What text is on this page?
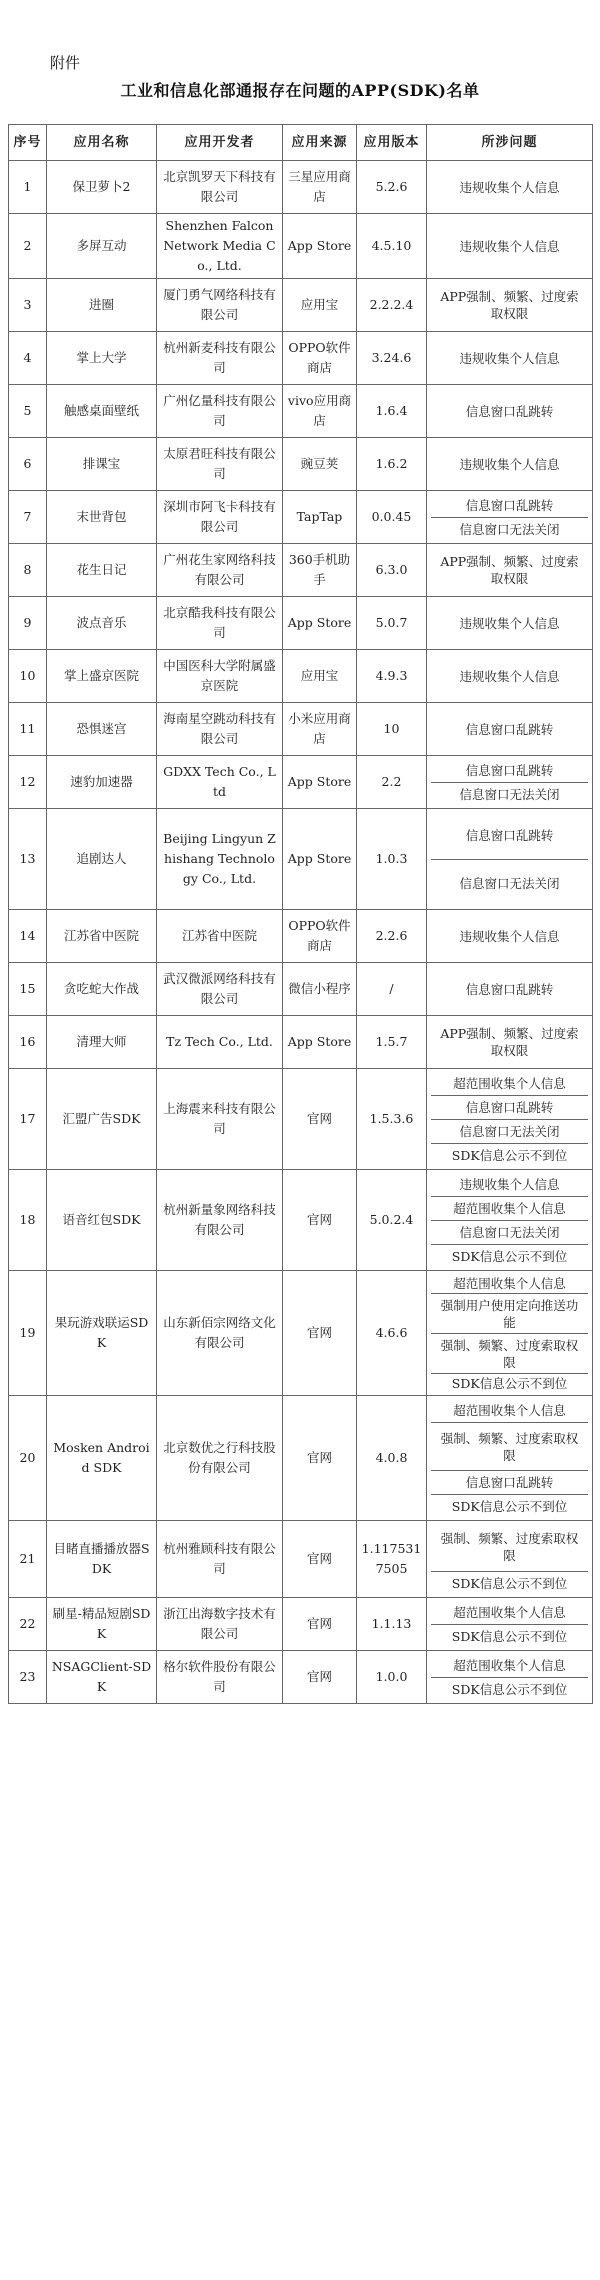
附件
工业和信息化部通报存在问题的APP(SDK)名单
序号	应用名称	应用开发者	应用来源	应用版本	所涉问题
1	保卫萝卜2	北京凯罗天下科技有限公司	三星应用商店	5.2.6	违规收集个人信息

2	多屏互动	Shenzhen Falcon Network Media Co., Ltd.	App Store	4.5.10	违规收集个人信息

3	进圈	厦门勇气网络科技有限公司	应用宝	2.2.2.4	APP强制、频繁、过度索取权限

4	掌上大学	杭州新麦科技有限公司	OPPO软件商店	3.24.6	违规收集个人信息

5	触感桌面壁纸	广州亿量科技有限公司	vivo应用商店	1.6.4	信息窗口乱跳转

6	排课宝	太原君旺科技有限公司	豌豆荚	1.6.2	违规收集个人信息

7	末世背包	深圳市阿飞卡科技有限公司	TapTap	0.0.45	信息窗口乱跳转
信息窗口无法关闭

8	花生日记	广州花生家网络科技有限公司	360手机助手	6.3.0	APP强制、频繁、过度索取权限

9	波点音乐	北京酷我科技有限公司	App Store	5.0.7	违规收集个人信息

10	掌上盛京医院	中国医科大学附属盛京医院	应用宝	4.9.3	违规收集个人信息

11	恐惧迷宫	海南星空跳动科技有限公司	小米应用商店	10	信息窗口乱跳转

12	速豹加速器	GDXX Tech Co., Ltd	App Store	2.2	信息窗口乱跳转
信息窗口无法关闭

13	追剧达人	Beijing Lingyun Zhishang Technology Co., Ltd.	App Store	1.0.3	信息窗口乱跳转
信息窗口无法关闭

14	江苏省中医院	江苏省中医院	OPPO软件商店	2.2.6	违规收集个人信息

15	贪吃蛇大作战	武汉微派网络科技有限公司	微信小程序	/	信息窗口乱跳转

16	清理大师	Tz Tech Co., Ltd.	App Store	1.5.7	APP强制、频繁、过度索取权限

17	汇盟广告SDK	上海震来科技有限公司	官网	1.5.3.6	超范围收集个人信息
信息窗口乱跳转
信息窗口无法关闭
SDK信息公示不到位

18	语音红包SDK	杭州新量象网络科技有限公司	官网	5.0.2.4	违规收集个人信息
超范围收集个人信息
信息窗口无法关闭
SDK信息公示不到位

19	果玩游戏联运SDK	山东新佰宗网络文化有限公司	官网	4.6.6	超范围收集个人信息
强制用户使用定向推送功能
强制、频繁、过度索取权限
SDK信息公示不到位

20	Mosken Android SDK	北京数优之行科技股份有限公司	官网	4.0.8	超范围收集个人信息
强制、频繁、过度索取权限
信息窗口乱跳转
SDK信息公示不到位

21	目睹直播播放器SDK	杭州雅顾科技有限公司	官网	1.1175317505	强制、频繁、过度索取权限
SDK信息公示不到位

22	刷星-精品短剧SDK	浙江出海数字技术有限公司	官网	1.1.13	超范围收集个人信息
SDK信息公示不到位

23	NSAGClient-SDK	格尔软件股份有限公司	官网	1.0.0	超范围收集个人信息
SDK信息公示不到位
